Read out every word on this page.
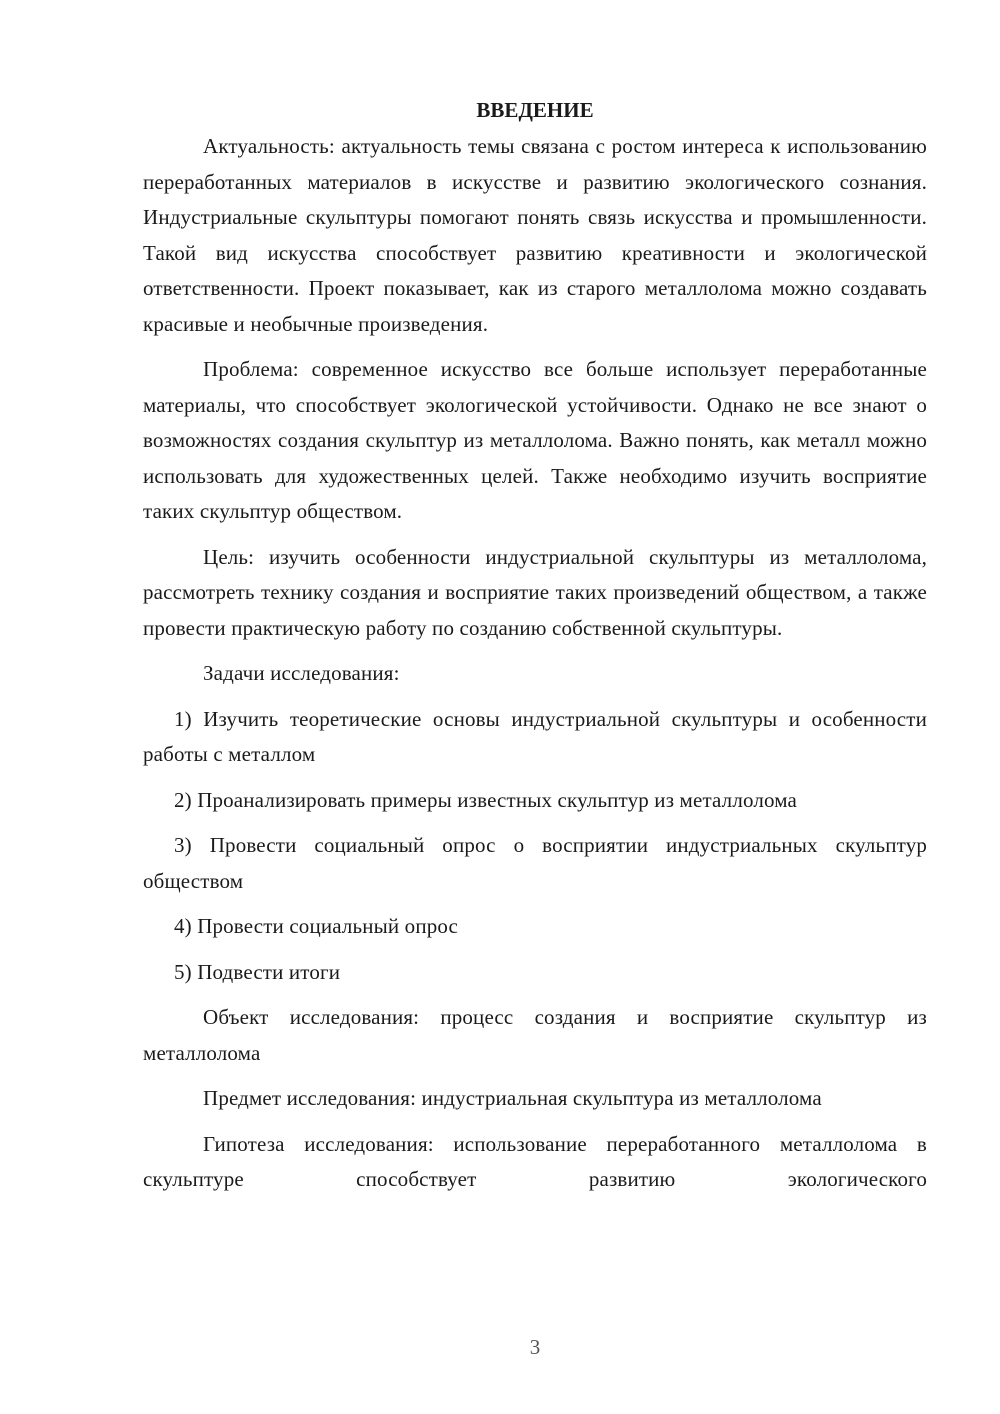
ВВЕДЕНИЕ

Актуальность: актуальность темы связана с ростом интереса к использованию переработанных материалов в искусстве и развитию экологического сознания. Индустриальные скульптуры помогают понять связь искусства и промышленности. Такой вид искусства способствует развитию креативности и экологической ответственности. Проект показывает, как из старого металлолома можно создавать красивые и необычные произведения.

Проблема: современное искусство все больше использует переработанные материалы, что способствует экологической устойчивости. Однако не все знают о возможностях создания скульптур из металлолома. Важно понять, как металл можно использовать для художественных целей. Также необходимо изучить восприятие таких скульптур обществом.

Цель: изучить особенности индустриальной скульптуры из металлолома, рассмотреть технику создания и восприятие таких произведений обществом, а также провести практическую работу по созданию собственной скульптуры.

Задачи исследования:

1) Изучить теоретические основы индустриальной скульптуры и особенности работы с металлом

2) Проанализировать примеры известных скульптур из металлолома

3) Провести социальный опрос о восприятии индустриальных скульптур обществом

4) Провести социальный опрос

5) Подвести итоги

Объект исследования: процесс создания и восприятие скульптур из металлолома

Предмет исследования: индустриальная скульптура из металлолома

Гипотеза исследования: использование переработанного металлолома в скульптуре способствует развитию экологического

3
